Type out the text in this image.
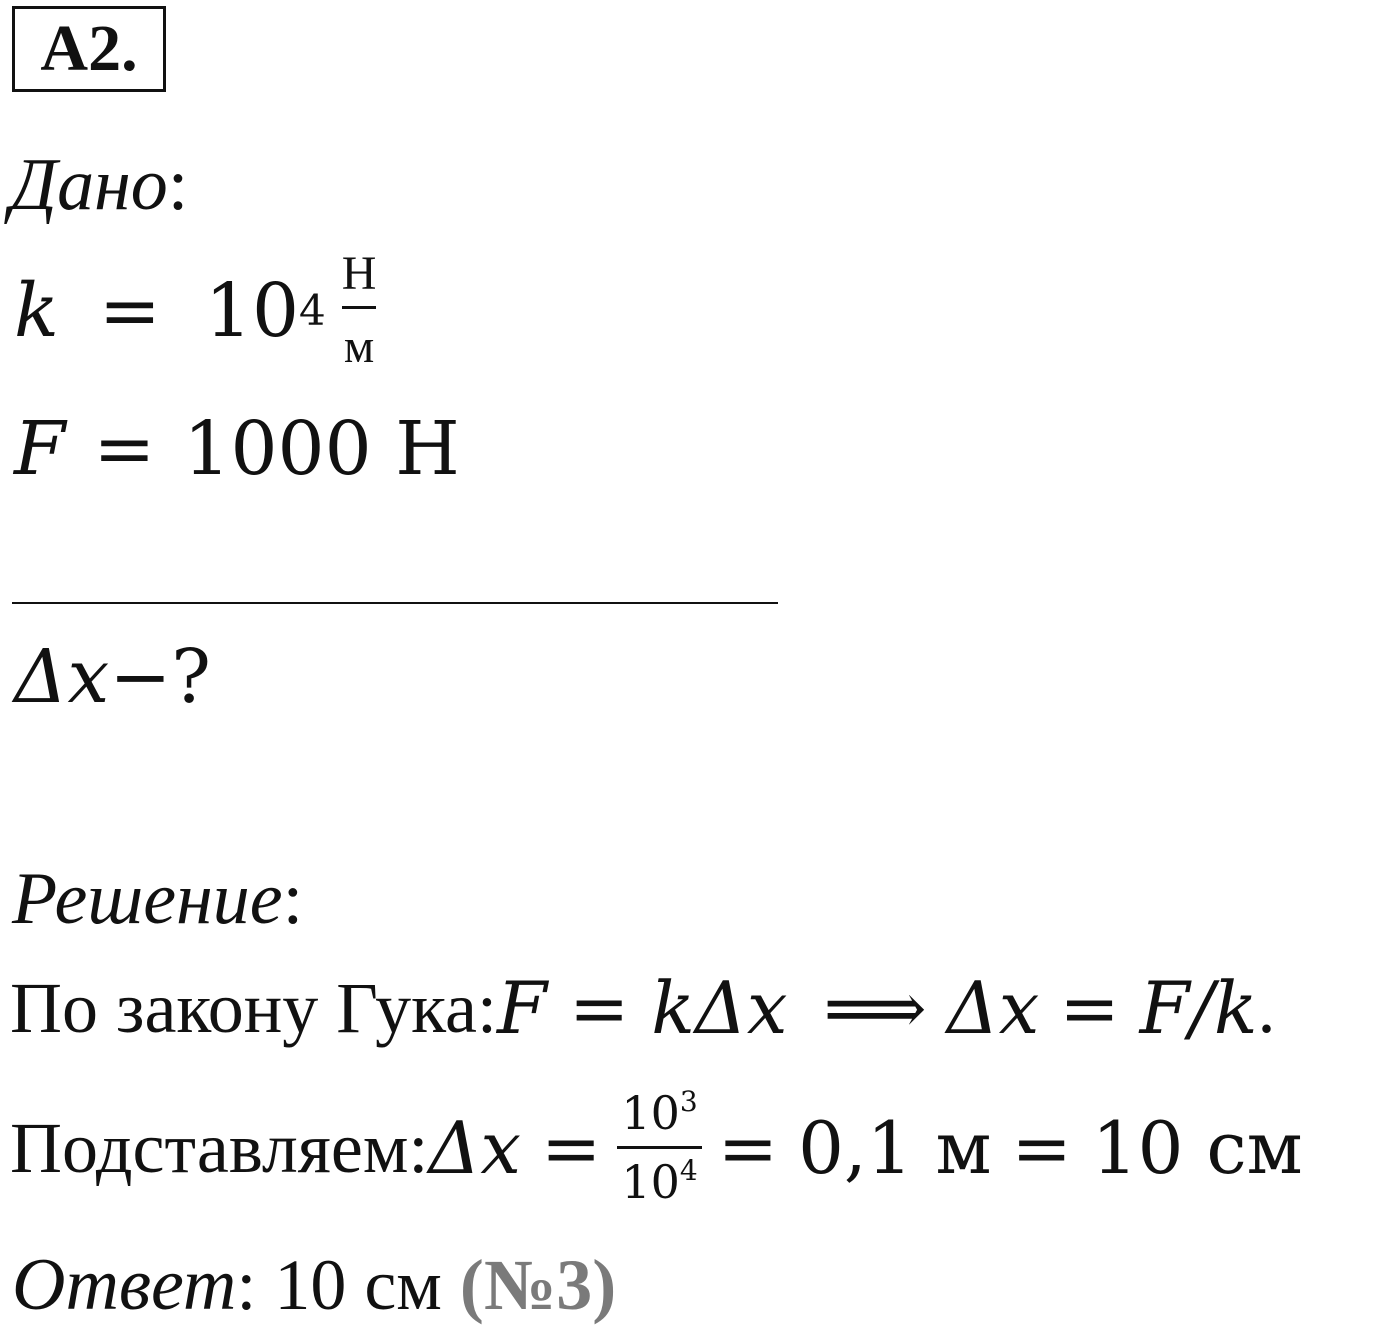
A2.
Дано:
k = 10 $4 \frac{Н}{м}$
F = 1000 Н
Δx −?
Решение:
По закону Гука: F = kΔx ⟹ Δx = F/k .
Подставляем: $\Delta x = \frac{10^3}{10^4} = 0,1$ м = 10 см
Ответ : 10 см (№3)
